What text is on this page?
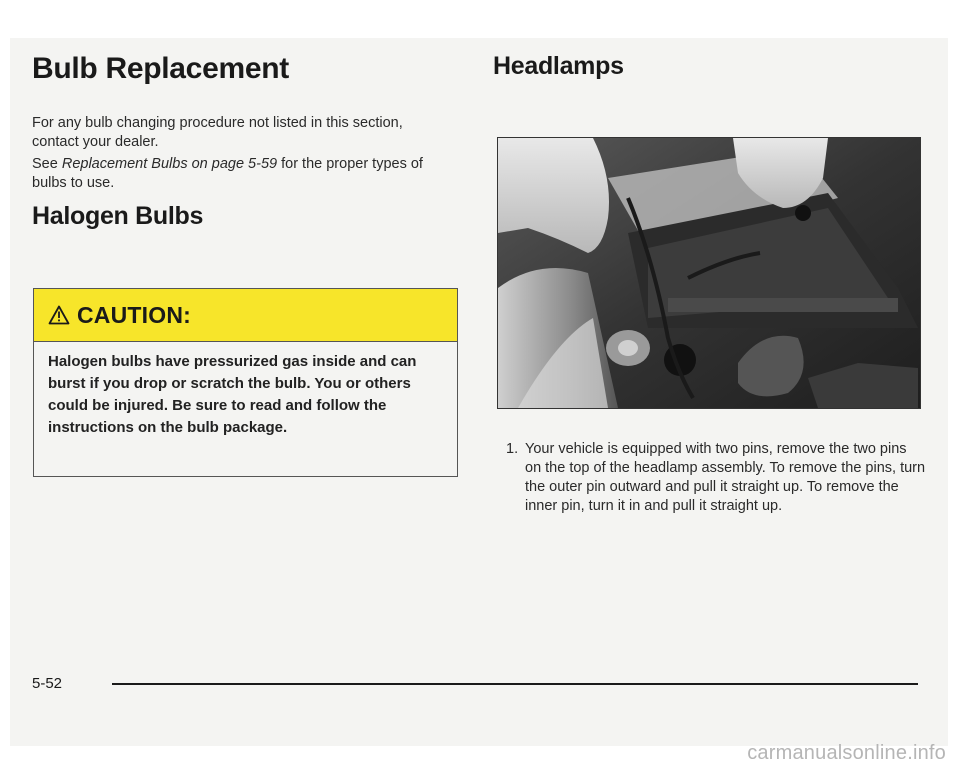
Bulb Replacement

For any bulb changing procedure not listed in this section, contact your dealer.

See Replacement Bulbs on page 5-59 for the proper types of bulbs to use.

Halogen Bulbs
CAUTION:

Halogen bulbs have pressurized gas inside and can burst if you drop or scratch the bulb. You or others could be injured. Be sure to read and follow the instructions on the bulb package.

Headlamps
1. Your vehicle is equipped with two pins, remove the two pins on the top of the headlamp assembly. To remove the pins, turn the outer pin outward and pull it straight up. To remove the inner pin, turn it in and pull it straight up.

5-52

carmanualsonline.info
